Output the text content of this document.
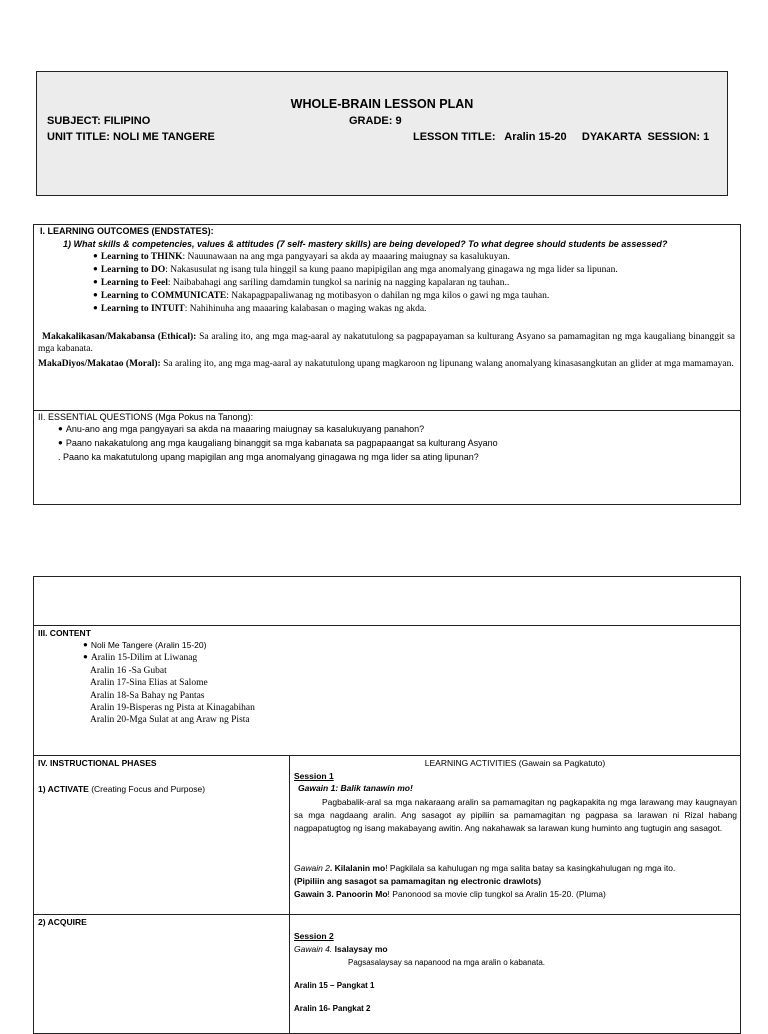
WHOLE-BRAIN LESSON PLAN
SUBJECT: FILIPINO	GRADE: 9
UNIT TITLE: NOLI ME TANGERE	LESSON TITLE:   Aralin 15-20     DYAKARTA  SESSION: 1
I. LEARNING OUTCOMES (ENDSTATES):
1) What skills & competencies, values & attitudes (7 self- mastery skills) are being developed? To what degree should students be assessed?
● Learning to THINK: Nauunawaan na ang mga pangyayari sa akda ay maaaring maiugnay sa kasalukuyan.
● Learning to DO: Nakasusulat ng isang tula hinggil sa kung paano mapipigilan ang mga anomalyang ginagawa ng mga lider sa lipunan.
● Learning to Feel: Naibabahagi ang sariling damdamin tungkol sa narinig na nagging kapalaran ng tauhan..
● Learning to COMMUNICATE: Nakapagpapaliwanag ng motibasyon o dahilan ng mga kilos o gawi ng mga tauhan.
● Learning to INTUIT: Nahihinuha ang maaaring kalabasan o maging wakas ng akda.
Makakalikasan/Makabansa (Ethical): Sa araling ito, ang mga mag-aaral ay nakatutulong sa pagpapayaman sa kulturang Asyano sa pamamagitan ng mga kaugaliang binanggit sa mga kabanata.
MakaDiyos/Makatao (Moral): Sa araling ito, ang mga mag-aaral ay nakatutulong upang magkaroon ng lipunang walang anomalyang kinasasangkutan an glider at mga mamamayan.
II. ESSENTIAL QUESTIONS (Mga Pokus na Tanong):
● Anu-ano ang mga pangyayari sa akda na maaaring maiugnay sa kasalukuyang panahon?
● Paano nakakatulong ang mga kaugaliang binanggit sa mga kabanata sa pagpapaangat sa kulturang Asyano
. Paano ka makatutulong upang mapigilan ang mga anomalyang ginagawa ng mga lider sa ating lipunan?
III. CONTENT
● Noli Me Tangere (Aralin 15-20)
● Aralin 15-Dilim at Liwanag
Aralin 16 -Sa Gubat
Aralin 17-Sina Elias at Salome
Aralin 18-Sa Bahay ng Pantas
Aralin 19-Bisperas ng Pista at Kinagabihan
Aralin 20-Mga Sulat at ang Araw ng Pista
IV. INSTRUCTIONAL PHASES
1) ACTIVATE (Creating Focus and Purpose)
LEARNING ACTIVITIES (Gawain sa Pagkatuto)
Session 1
Gawain 1: Balik tanawin mo!
Pagbabalik-aral sa mga nakaraang aralin sa pamamagitan ng pagkapakita ng mga larawang may kaugnayan sa mga nagdaang aralin. Ang sasagot ay pipiliin sa pamamagitan ng pagpasa sa larawan ni Rizal habang nagpapatugtog ng isang makabayang awitin. Ang nakahawak sa larawan kung huminto ang tugtugin ang sasagot.
Gawain 2. Kilalanin mo! Pagkilala sa kahulugan ng mga salita batay sa kasingkahulugan ng mga ito.
(Pipiliin ang sasagot sa pamamagitan ng electronic drawlots)
Gawain 3. Panoorin Mo! Panonood sa movie clip tungkol sa Aralin 15-20. (Pluma)
2) ACQUIRE
Session 2
Gawain 4. Isalaysay mo
Pagsasalaysay sa napanood na mga aralin o kabanata.
Aralin 15 – Pangkat 1
Aralin 16- Pangkat 2
